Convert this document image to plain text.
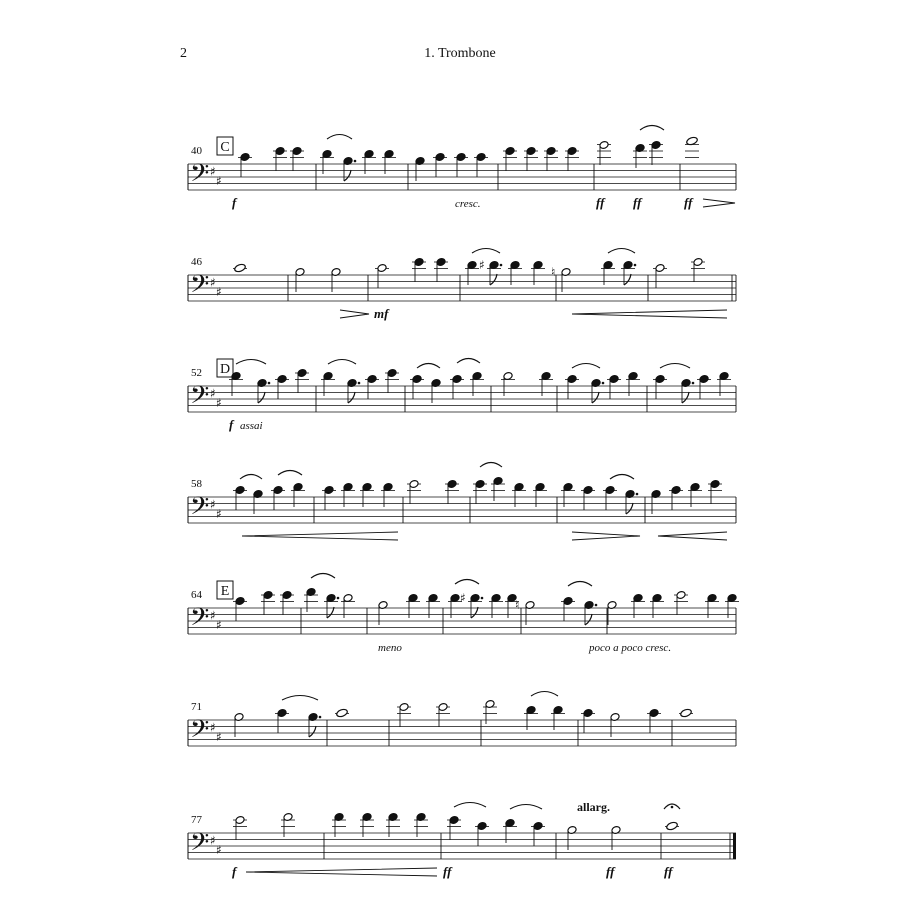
2	1. Trombone
𝄢 ♯
♯
40 C
f	ff ff	ff
cresc.
𝄢 ♯
♯
46	♯	♮
mf
𝄢 ♯
♯
52 D
f assai
𝄢 ♯
♯
58
𝄢 ♯
♯
64 E	♯	♮
meno	poco a poco cresc.
𝄢 ♯
♯
71
𝄢 ♯
♯
77
f	ff	ff	ff
allarg.
